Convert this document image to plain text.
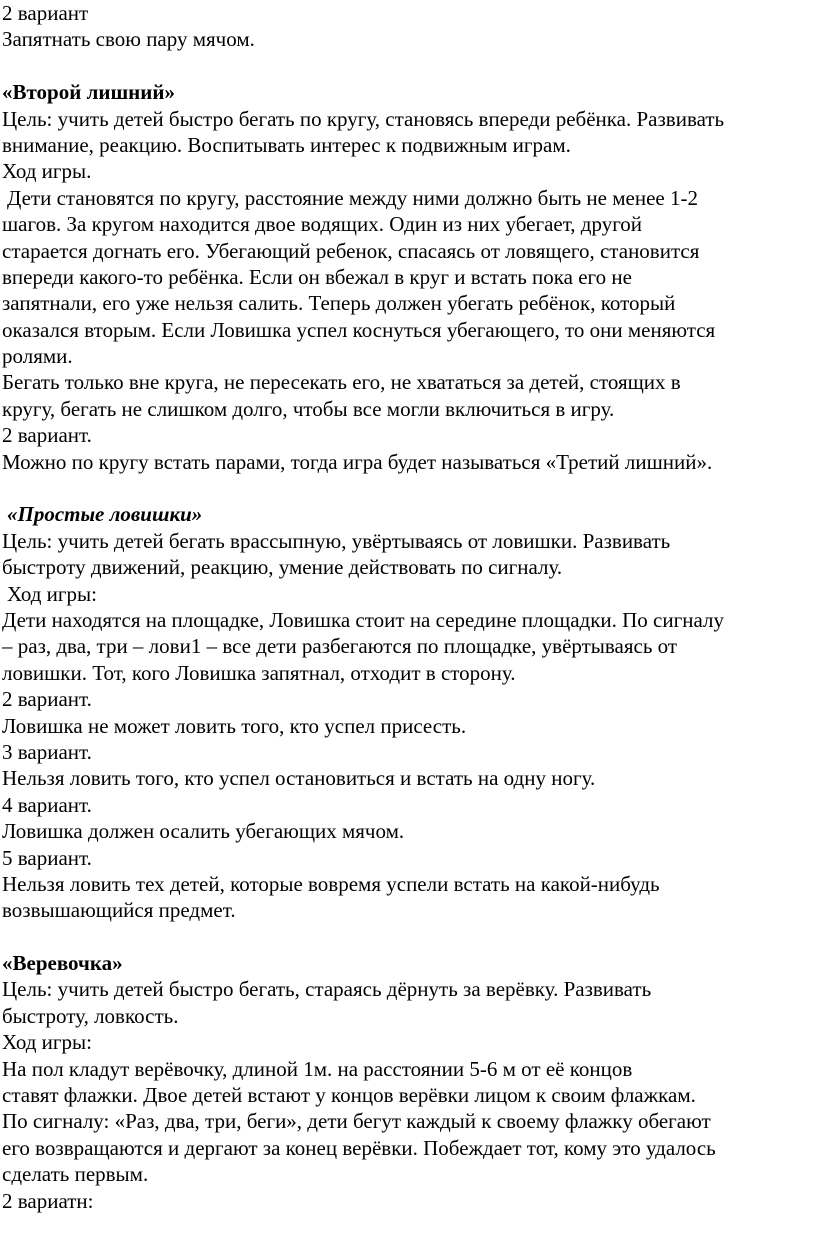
2 вариант
Запятнать свою пару мячом.
«Второй лишний»
Цель: учить детей быстро бегать по кругу, становясь впереди ребёнка. Развивать
внимание, реакцию. Воспитывать интерес к подвижным играм.
Ход игры.
Дети становятся по кругу, расстояние между ними должно быть не менее 1-2
шагов. За кругом находится двое водящих. Один из них убегает, другой
старается догнать его. Убегающий ребенок, спасаясь от ловящего, становится
впереди какого-то ребёнка. Если он вбежал в круг и встать пока его не
запятнали, его уже нельзя салить. Теперь должен убегать ребёнок, который
оказался вторым. Если Ловишка успел коснуться убегающего, то они меняются
ролями.
Бегать только вне круга, не пересекать его, не хвататься за детей, стоящих в
кругу, бегать не слишком долго, чтобы все могли включиться в игру.
2 вариант.
Можно по кругу встать парами, тогда игра будет называться «Третий лишний».
«Простые ловишки»
Цель: учить детей бегать врассыпную, увёртываясь от ловишки. Развивать
быстроту движений, реакцию, умение действовать по сигналу.
Ход игры:
Дети находятся на площадке, Ловишка стоит на середине площадки. По сигналу
– раз, два, три – лови1 – все дети разбегаются по площадке, увёртываясь от
ловишки. Тот, кого Ловишка запятнал, отходит в сторону.
2 вариант.
Ловишка не может ловить того, кто успел присесть.
3 вариант.
Нельзя ловить того, кто успел остановиться и встать на одну ногу.
4 вариант.
Ловишка должен осалить убегающих мячом.
5 вариант.
Нельзя ловить тех детей, которые вовремя успели встать на какой-нибудь
возвышающийся предмет.
«Веревочка»
Цель: учить детей быстро бегать, стараясь дёрнуть за верёвку. Развивать
быстроту, ловкость.
Ход игры:
На пол кладут верёвочку, длиной 1м. на расстоянии 5-6 м от её концов
ставят флажки. Двое детей встают у концов верёвки лицом к своим флажкам.
По сигналу: «Раз, два, три, беги», дети бегут каждый к своему флажку обегают
его возвращаются и дергают за конец верёвки. Побеждает тот, кому это удалось
сделать первым.
2 вариатн:
